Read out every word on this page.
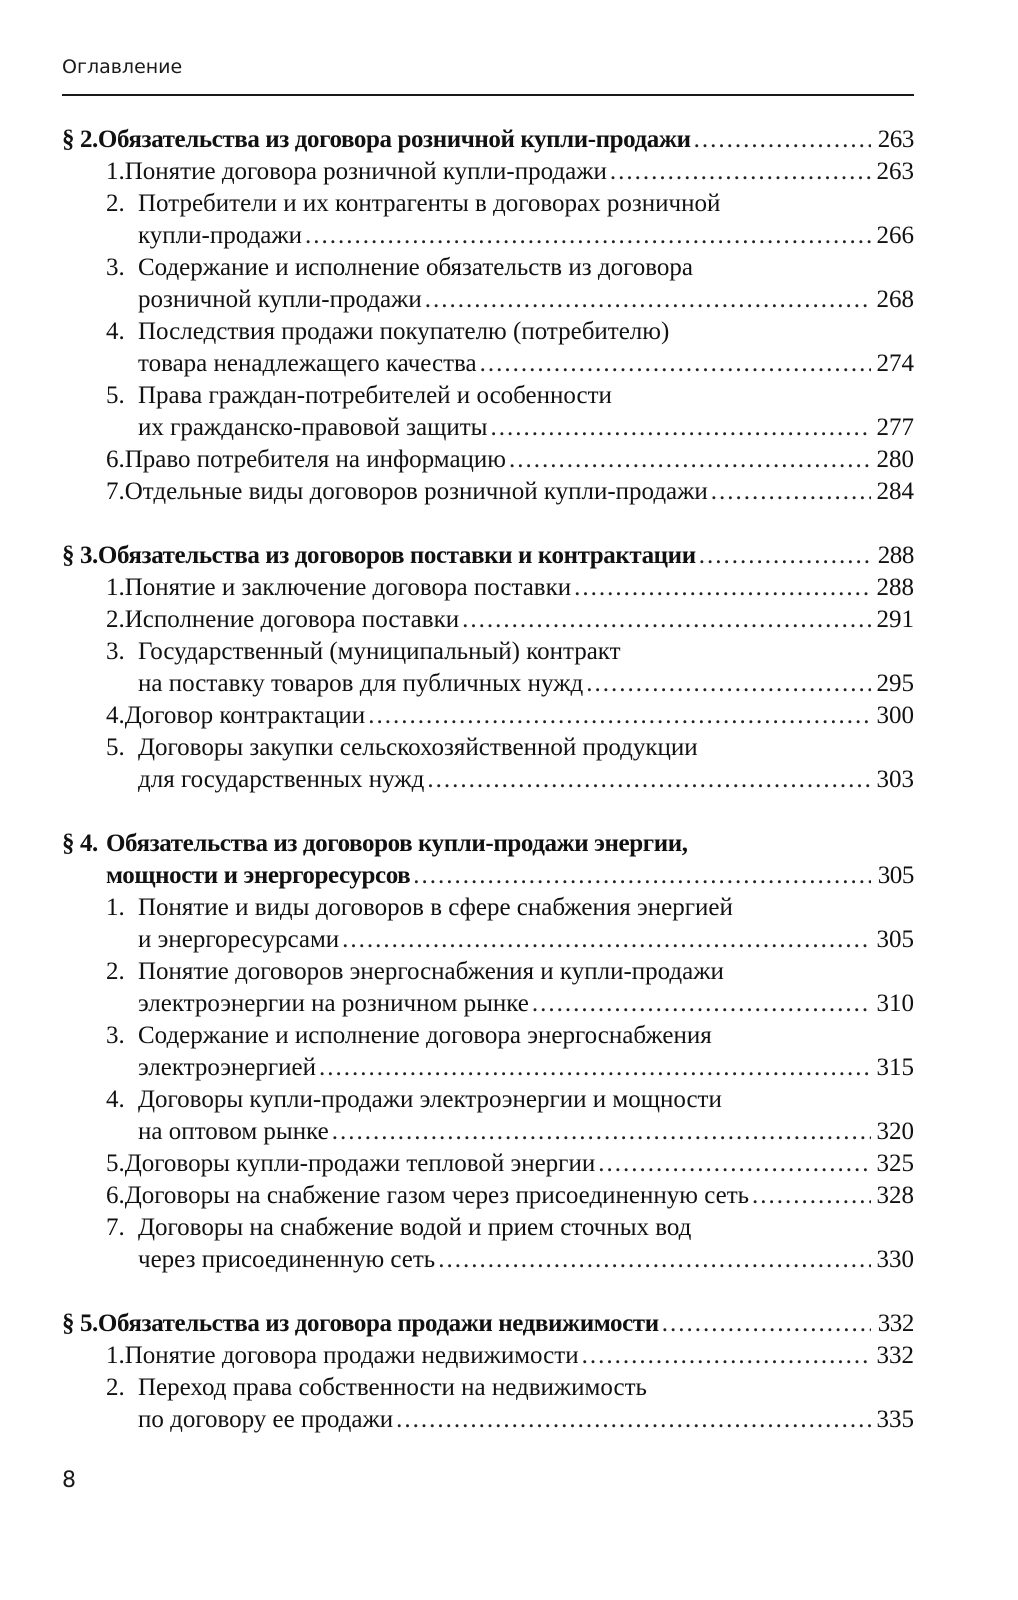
Оглавление
§ 2. Обязательства из договора розничной купли-продажи .....	263
1. Понятие договора розничной купли-продажи .....	263
2. Потребители и их контрагенты в договорах розничной
купли-продажи .....	266
3. Содержание и исполнение обязательств из договора
розничной купли-продажи .....	268
4. Последствия продажи покупателю (потребителю)
товара ненадлежащего качества .....	274
5. Права граждан-потребителей и особенности
их гражданско-правовой защиты .....	277
6. Право потребителя на информацию .....	280
7. Отдельные виды договоров розничной купли-продажи .....	284
§ 3. Обязательства из договоров поставки и контрактации .....	288
1. Понятие и заключение договора поставки .....	288
2. Исполнение договора поставки .....	291
3. Государственный (муниципальный) контракт
на поставку товаров для публичных нужд .....	295
4. Договор контрактации .....	300
5. Договоры закупки сельскохозяйственной продукции
для государственных нужд .....	303
§ 4. Обязательства из договоров купли-продажи энергии,
мощности и энергоресурсов .....	305
1. Понятие и виды договоров в сфере снабжения энергией
и энергоресурсами .....	305
2. Понятие договоров энергоснабжения и купли-продажи
электроэнергии на розничном рынке .....	310
3. Содержание и исполнение договора энергоснабжения
электроэнергией .....	315
4. Договоры купли-продажи электроэнергии и мощности
на оптовом рынке .....	320
5. Договоры купли-продажи тепловой энергии .....	325
6. Договоры на снабжение газом через присоединенную сеть .....	328
7. Договоры на снабжение водой и прием сточных вод
через присоединенную сеть .....	330
§ 5. Обязательства из договора продажи недвижимости .....	332
1. Понятие договора продажи недвижимости .....	332
2. Переход права собственности на недвижимость
по договору ее продажи .....	335
8
